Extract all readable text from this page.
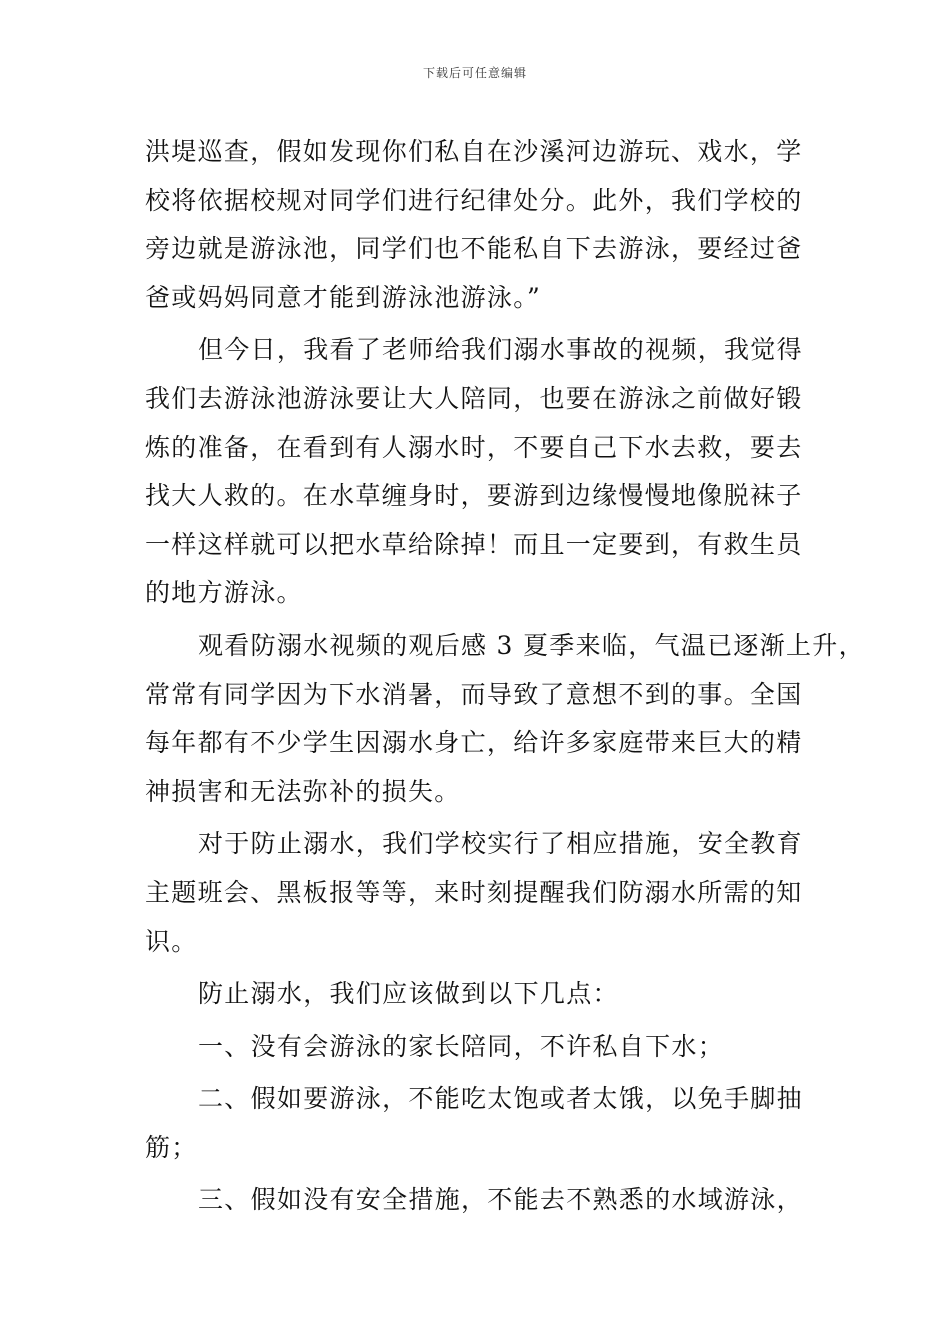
下载后可任意编辑
洪堤巡查，假如发现你们私自在沙溪河边游玩、戏水，学
校将依据校规对同学们进行纪律处分。此外，我们学校的
旁边就是游泳池，同学们也不能私自下去游泳，要经过爸
爸或妈妈同意才能到游泳池游泳。”
但今日，我看了老师给我们溺水事故的视频，我觉得
我们去游泳池游泳要让大人陪同，也要在游泳之前做好锻
炼的准备，在看到有人溺水时，不要自己下水去救，要去
找大人救的。在水草缠身时，要游到边缘慢慢地像脱袜子
一样这样就可以把水草给除掉！而且一定要到，有救生员
的地方游泳。
观看防溺水视频的观后感 3 夏季来临，气温已逐渐上升，
常常有同学因为下水消暑，而导致了意想不到的事。全国
每年都有不少学生因溺水身亡，给许多家庭带来巨大的精
神损害和无法弥补的损失。
对于防止溺水，我们学校实行了相应措施，安全教育
主题班会、黑板报等等，来时刻提醒我们防溺水所需的知
识。
防止溺水，我们应该做到以下几点：
一、没有会游泳的家长陪同，不许私自下水；
二、假如要游泳，不能吃太饱或者太饿，以免手脚抽
筋；
三、假如没有安全措施，不能去不熟悉的水域游泳，
